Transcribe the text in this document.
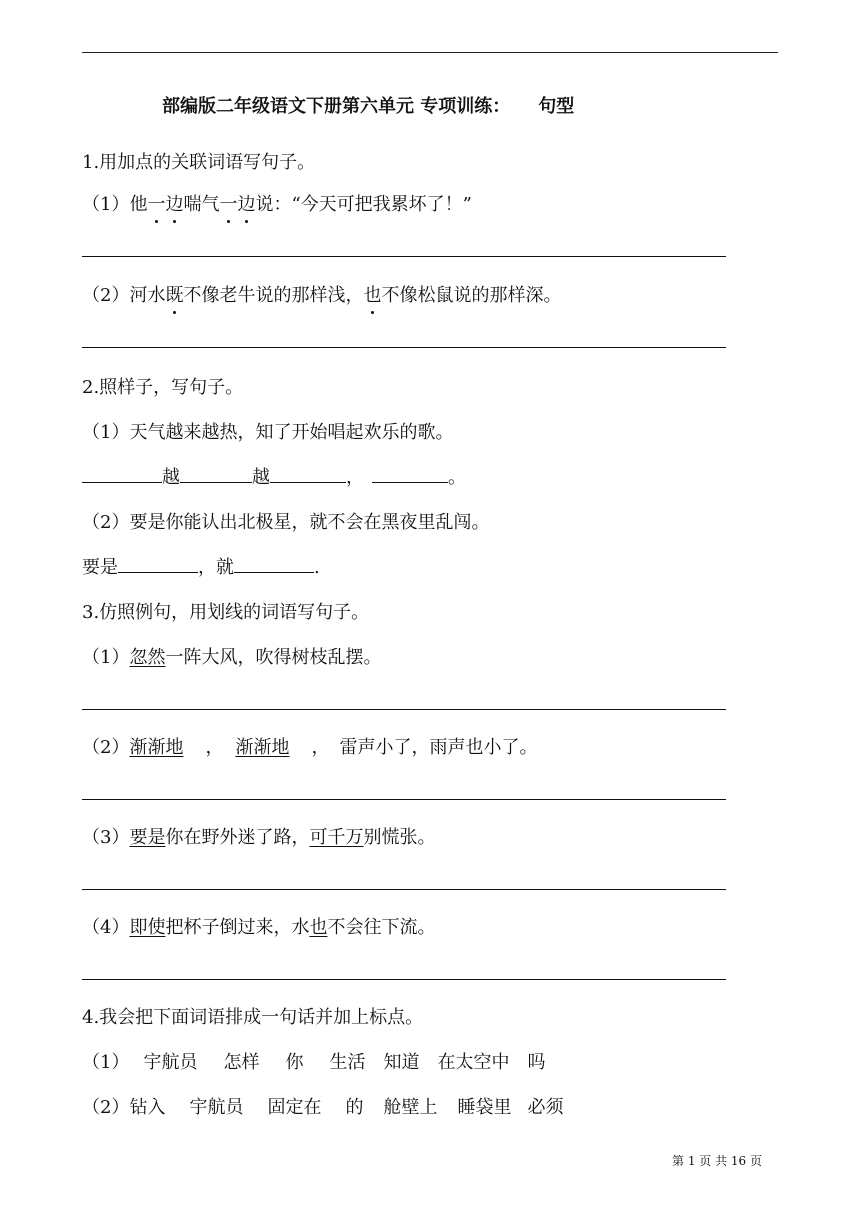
部编版二年级语文下册第六单元 专项训练： 句型
1.用加点的关联词语写句子。
（1）他一边喘气一边说：“今天可把我累坏了！”
（2）河水既不像老牛说的那样浅，也不像松鼠说的那样深。
2.照样子，写句子。
（1）天气越来越热，知了开始唱起欢乐的歌。
越	越	，	。
（2）要是你能认出北极星，就不会在黑夜里乱闯。
要是	，就	.
3.仿照例句，用划线的词语写句子。
（1）忽然一阵大风，吹得树枝乱摆。
（2）渐渐地 ， 渐渐地 ， 雷声小了，雨声也小了。
（3）要是你在野外迷了路，可千万别慌张。
（4）即使把杯子倒过来，水也不会往下流。
4.我会把下面词语排成一句话并加上标点。
（1） 宇航员 怎样 你 生活 知道 在太空中 吗
（2）钻入 宇航员 固定在 的 舱壁上 睡袋里 必须
第 1 页 共 16 页
